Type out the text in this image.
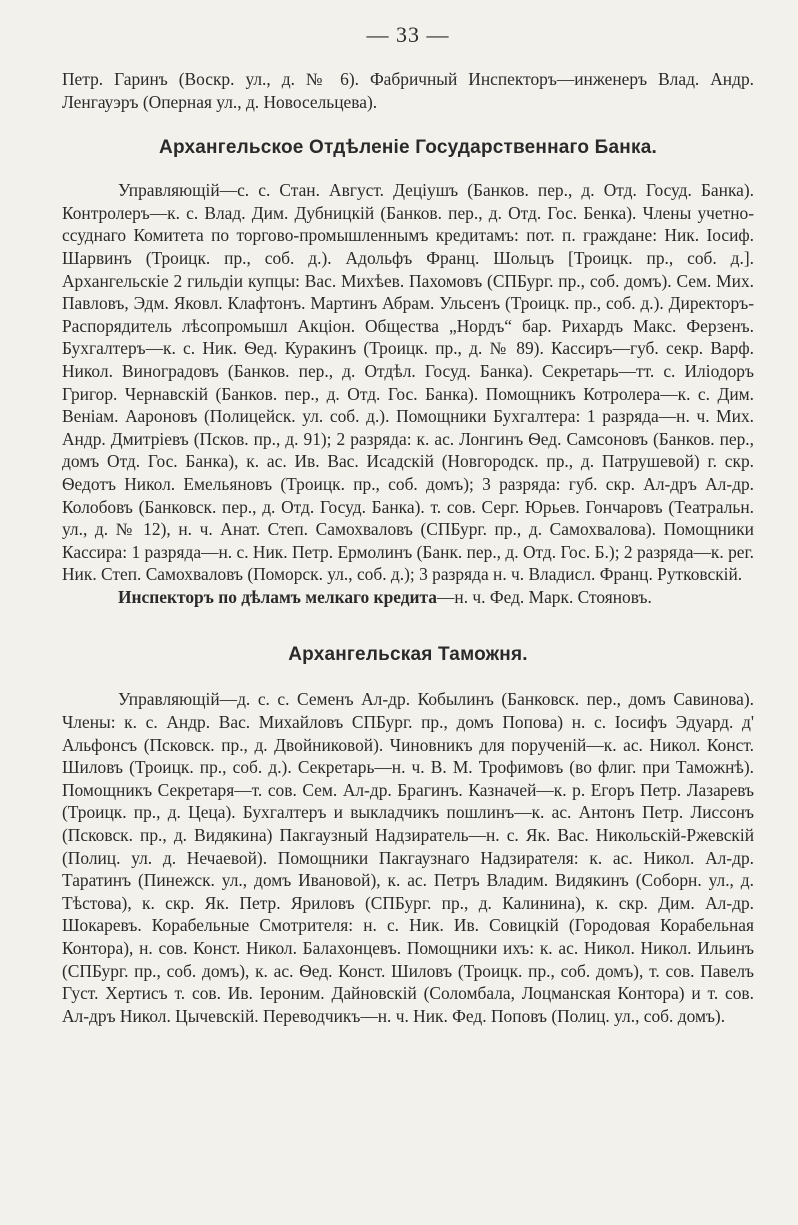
— 33 —

Петр. Гаринъ (Воскр. ул., д. № 6). Фабричный Инспекторъ—инженеръ Влад. Андр. Ленгауэръ (Оперная ул., д. Новосельцева).

Архангельское Отдѣленіе Государственнаго Банка.

Управляющій—с. с. Стан. Август. Деціушъ (Банков. пер., д. Отд. Госуд. Банка). Контролеръ—к. с. Влад. Дим. Дубницкій (Банков. пер., д. Отд. Гос. Бенка). Члены учетно-ссуднаго Комитета по торгово-промышленнымъ кредитамъ: пот. п. граждане: Ник. Іосиф. Шарвинъ (Троицк. пр., соб. д.). Адольфъ Франц. Шольцъ [Троицк. пр., соб. д.]. Архангельскіе 2 гильдіи купцы: Вас. Михѣев. Пахомовъ (СПБург. пр., соб. домъ). Сем. Мих. Павловъ, Эдм. Яковл. Клафтонъ. Мартинъ Абрам. Ульсенъ (Троицк. пр., соб. д.). Директоръ-Распорядитель лѣсопромышл Акціон. Общества „Нордъ“ бар. Рихардъ Макс. Ферзенъ. Бухгалтеръ—к. с. Ник. Ѳед. Куракинъ (Троицк. пр., д. № 89). Кассиръ—губ. секр. Варф. Никол. Виноградовъ (Банков. пер., д. Отдѣл. Госуд. Банка). Секретарь—тт. с. Иліодоръ Григор. Чернавскій (Банков. пер., д. Отд. Гос. Банка). Помощникъ Котролера—к. с. Дим. Веніам. Аароновъ (Полицейск. ул. соб. д.). Помощники Бухгалтера: 1 разряда—н. ч. Мих. Андр. Дмитріевъ (Псков. пр., д. 91); 2 разряда: к. ас. Лонгинъ Ѳед. Самсоновъ (Банков. пер., домъ Отд. Гос. Банка), к. ас. Ив. Вас. Исадскій (Новгородск. пр., д. Патрушевой) г. скр. Ѳедотъ Никол. Емельяновъ (Троицк. пр., соб. домъ); 3 разряда: губ. скр. Ал-дръ Ал-др. Колобовъ (Банковск. пер., д. Отд. Госуд. Банка). т. сов. Серг. Юрьев. Гончаровъ (Театральн. ул., д. № 12), н. ч. Анат. Степ. Самохваловъ (СПБург. пр., д. Самохвалова). Помощники Кассира: 1 разряда—н. с. Ник. Петр. Ермолинъ (Банк. пер., д. Отд. Гос. Б.); 2 разряда—к. рег. Ник. Степ. Самохваловъ (Поморск. ул., соб. д.); 3 разряда н. ч. Владисл. Франц. Рутковскій.

Инспекторъ по дѣламъ мелкаго кредита—н. ч. Фед. Марк. Стояновъ.

Архангельская Таможня.

Управляющій—д. с. с. Семенъ Ал-др. Кобылинъ (Банковск. пер., домъ Савинова). Члены: к. с. Андр. Вас. Михайловъ СПБург. пр., домъ Попова) н. с. Іосифъ Эдуард. д' Альфонсъ (Псковск. пр., д. Двойниковой). Чиновникъ для порученій—к. ас. Никол. Конст. Шиловъ (Троицк. пр., соб. д.). Секретарь—н. ч. В. М. Трофимовъ (во флиг. при Таможнѣ). Помощникъ Секретаря—т. сов. Сем. Ал-др. Брагинъ. Казначей—к. р. Егоръ Петр. Лазаревъ (Троицк. пр., д. Цеца). Бухгалтеръ и выкладчикъ пошлинъ—к. ас. Антонъ Петр. Лиссонъ (Псковск. пр., д. Видякина) Пакгаузный Надзиратель—н. с. Як. Вас. Никольскій-Ржевскій (Полиц. ул. д. Нечаевой). Помощники Пакгаузнаго Надзирателя: к. ас. Никол. Ал-др. Таратинъ (Пинежск. ул., домъ Ивановой), к. ас. Петръ Владим. Видякинъ (Соборн. ул., д. Тѣстова), к. скр. Як. Петр. Яриловъ (СПБург. пр., д. Калинина), к. скр. Дим. Ал-др. Шокаревъ. Корабельные Смотрителя: н. с. Ник. Ив. Совицкій (Городовая Корабельная Контора), н. сов. Конст. Никол. Балахонцевъ. Помощники ихъ: к. ас. Никол. Никол. Ильинъ (СПБург. пр., соб. домъ), к. ас. Ѳед. Конст. Шиловъ (Троицк. пр., соб. домъ), т. сов. Павелъ Густ. Хертисъ т. сов. Ив. Іероним. Дайновскій (Соломбала, Лоцманская Контора) и т. сов. Ал-дръ Никол. Цычевскій. Переводчикъ—н. ч. Ник. Фед. Поповъ (Полиц. ул., соб. домъ).
